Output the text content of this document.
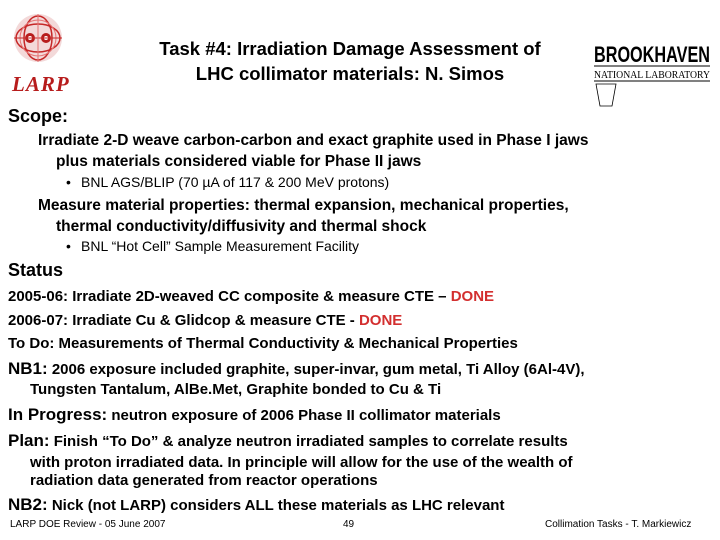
LARP
Task #4: Irradiation Damage Assessment of
LHC collimator materials: N. Simos
BROOKHAVEN
NATIONAL LABORATORY
Scope:
Irradiate 2-D weave carbon-carbon and exact graphite used in Phase I jaws
plus materials considered viable for Phase II jaws
• BNL AGS/BLIP (70 µA of 117 & 200 MeV protons)
Measure material properties: thermal expansion, mechanical properties,
thermal conductivity/diffusivity and thermal shock
• BNL “Hot Cell” Sample Measurement Facility
Status
2005-06: Irradiate 2D-weaved CC composite & measure CTE – DONE
2006-07: Irradiate Cu & Glidcop & measure CTE - DONE
To Do: Measurements of Thermal Conductivity & Mechanical Properties
NB1: 2006 exposure included graphite, super-invar, gum metal, Ti Alloy (6Al-4V),
Tungsten Tantalum, AlBe.Met, Graphite bonded to Cu & Ti
In Progress: neutron exposure of 2006 Phase II collimator materials
Plan: Finish “To Do” & analyze neutron irradiated samples to correlate results
with proton irradiated data. In principle will allow for the use of the wealth of
radiation data generated from reactor operations
NB2: Nick (not LARP) considers ALL these materials as LHC relevant
LARP DOE Review - 05 June 2007	49	Collimation Tasks - T. Markiewicz
